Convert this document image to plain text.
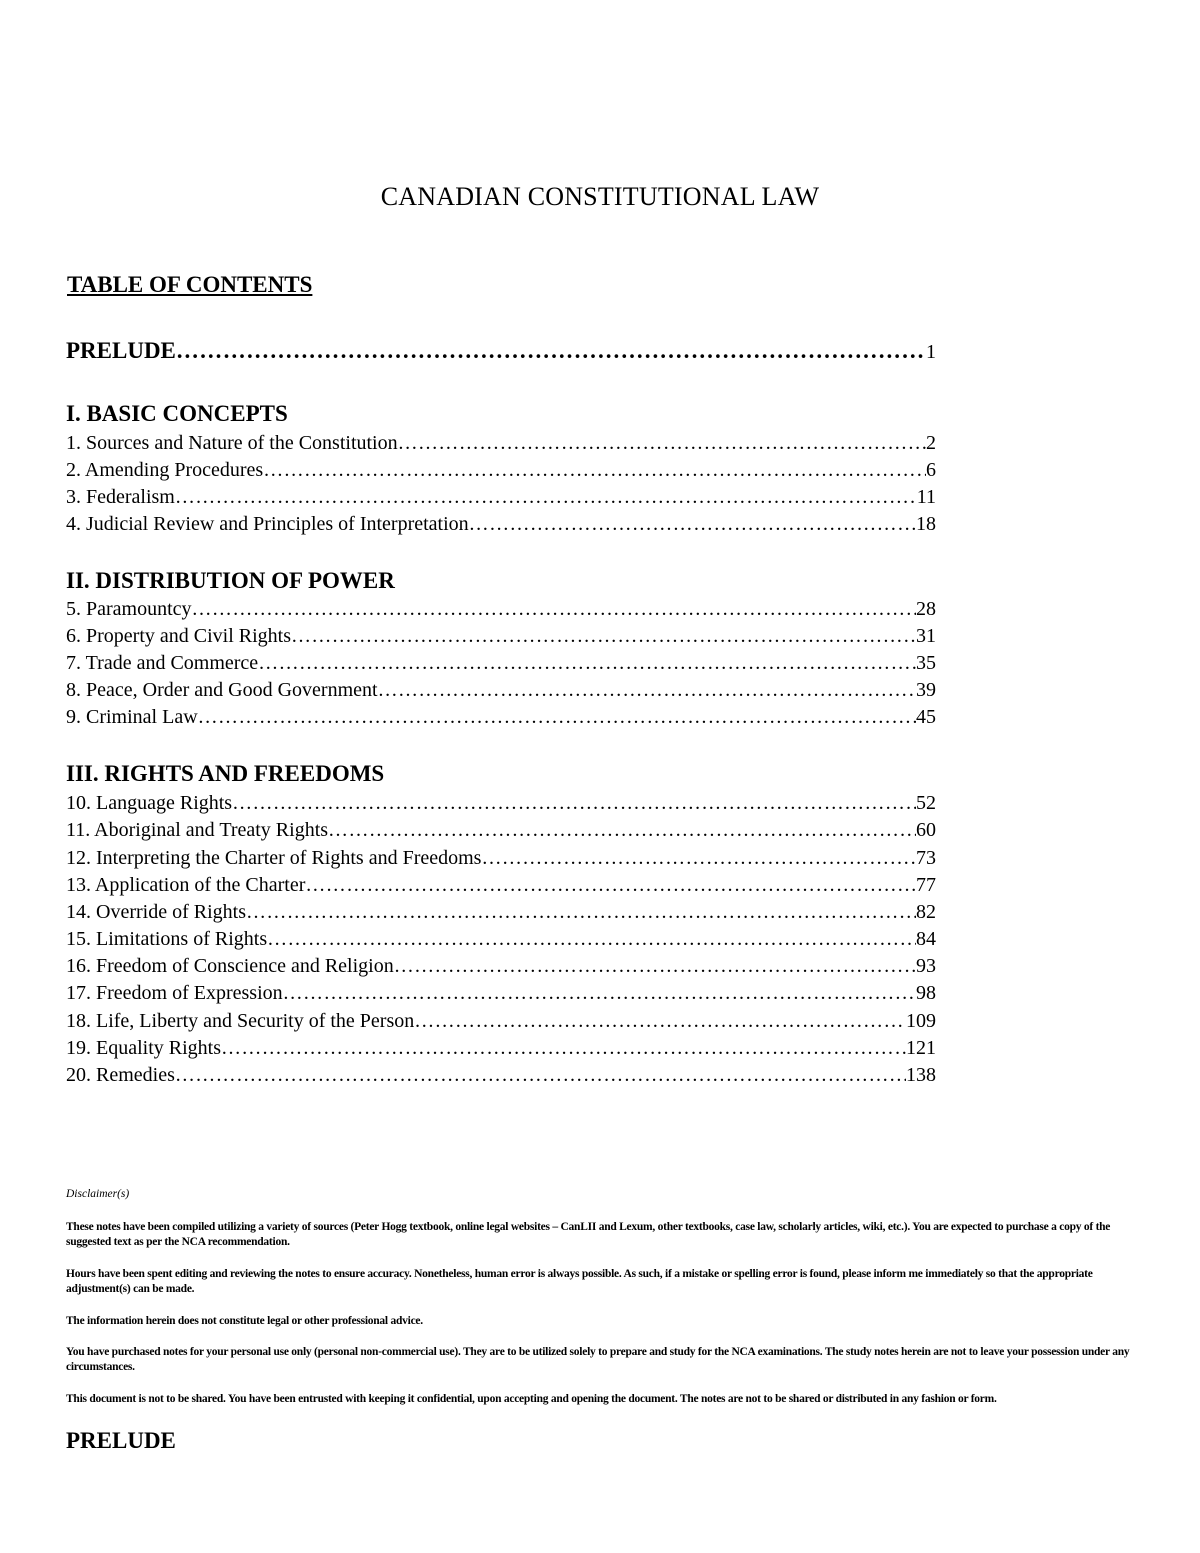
CANADIAN CONSTITUTIONAL LAW
TABLE OF CONTENTS
PRELUDE …………………………………………………………………………………………………………………………………………………………………………………………	1
I. BASIC CONCEPTS
1. Sources and Nature of the Constitution …………………………………………………………………………………………………………………………………………………………………………………………	2
2. Amending Procedures …………………………………………………………………………………………………………………………………………………………………………………………	6
3. Federalism …………………………………………………………………………………………………………………………………………………………………………………………	11
4. Judicial Review and Principles of Interpretation …………………………………………………………………………………………………………………………………………………………………………………………	18
II. DISTRIBUTION OF POWER
5. Paramountcy …………………………………………………………………………………………………………………………………………………………………………………………	28
6. Property and Civil Rights …………………………………………………………………………………………………………………………………………………………………………………………	31
7. Trade and Commerce …………………………………………………………………………………………………………………………………………………………………………………………	35
8. Peace, Order and Good Government …………………………………………………………………………………………………………………………………………………………………………………………	39
9. Criminal Law …………………………………………………………………………………………………………………………………………………………………………………………	45
III. RIGHTS AND FREEDOMS
10. Language Rights …………………………………………………………………………………………………………………………………………………………………………………………	52
11. Aboriginal and Treaty Rights …………………………………………………………………………………………………………………………………………………………………………………………	60
12. Interpreting the Charter of Rights and Freedoms …………………………………………………………………………………………………………………………………………………………………………………………	73
13. Application of the Charter …………………………………………………………………………………………………………………………………………………………………………………………	77
14. Override of Rights …………………………………………………………………………………………………………………………………………………………………………………………	82
15. Limitations of Rights …………………………………………………………………………………………………………………………………………………………………………………………	84
16. Freedom of Conscience and Religion …………………………………………………………………………………………………………………………………………………………………………………………	93
17. Freedom of Expression …………………………………………………………………………………………………………………………………………………………………………………………	98
18. Life, Liberty and Security of the Person …………………………………………………………………………………………………………………………………………………………………………………………	109
19. Equality Rights …………………………………………………………………………………………………………………………………………………………………………………………	121
20. Remedies …………………………………………………………………………………………………………………………………………………………………………………………	138

Disclaimer(s)

These notes have been compiled utilizing a variety of sources (Peter Hogg textbook, online legal websites – CanLII and Lexum, other textbooks, case law, scholarly articles, wiki, etc.). You are expected to purchase a copy of the suggested text as per the NCA recommendation.

Hours have been spent editing and reviewing the notes to ensure accuracy. Nonetheless, human error is always possible. As such, if a mistake or spelling error is found, please inform me immediately so that the appropriate adjustment(s) can be made.

The information herein does not constitute legal or other professional advice.

You have purchased notes for your personal use only (personal non-commercial use). They are to be utilized solely to prepare and study for the NCA examinations. The study notes herein are not to leave your possession under any circumstances.

This document is not to be shared. You have been entrusted with keeping it confidential, upon accepting and opening the document. The notes are not to be shared or distributed in any fashion or form.

PRELUDE
